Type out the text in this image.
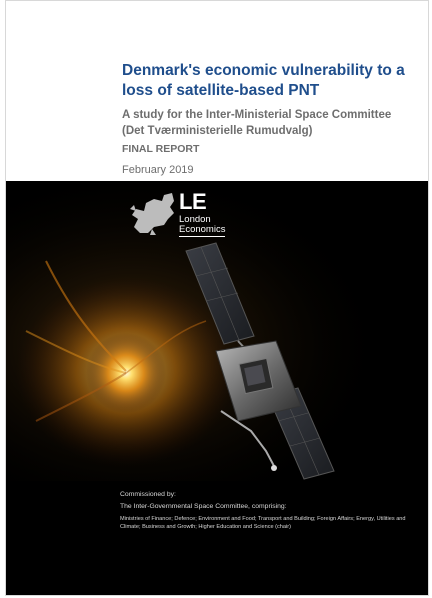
Denmark's economic vulnerability to a loss of satellite-based PNT
A study for the Inter-Ministerial Space Committee
(Det Tværministerielle Rumudvalg)
FINAL REPORT
February 2019
LE
London
Economics
Commissioned by:
The Inter-Governmental Space Committee, comprising:
Ministries of Finance; Defence; Environment and Food; Transport and Building; Foreign Affairs; Energy, Utilities and Climate; Business and Growth; Higher Education and Science (chair)
